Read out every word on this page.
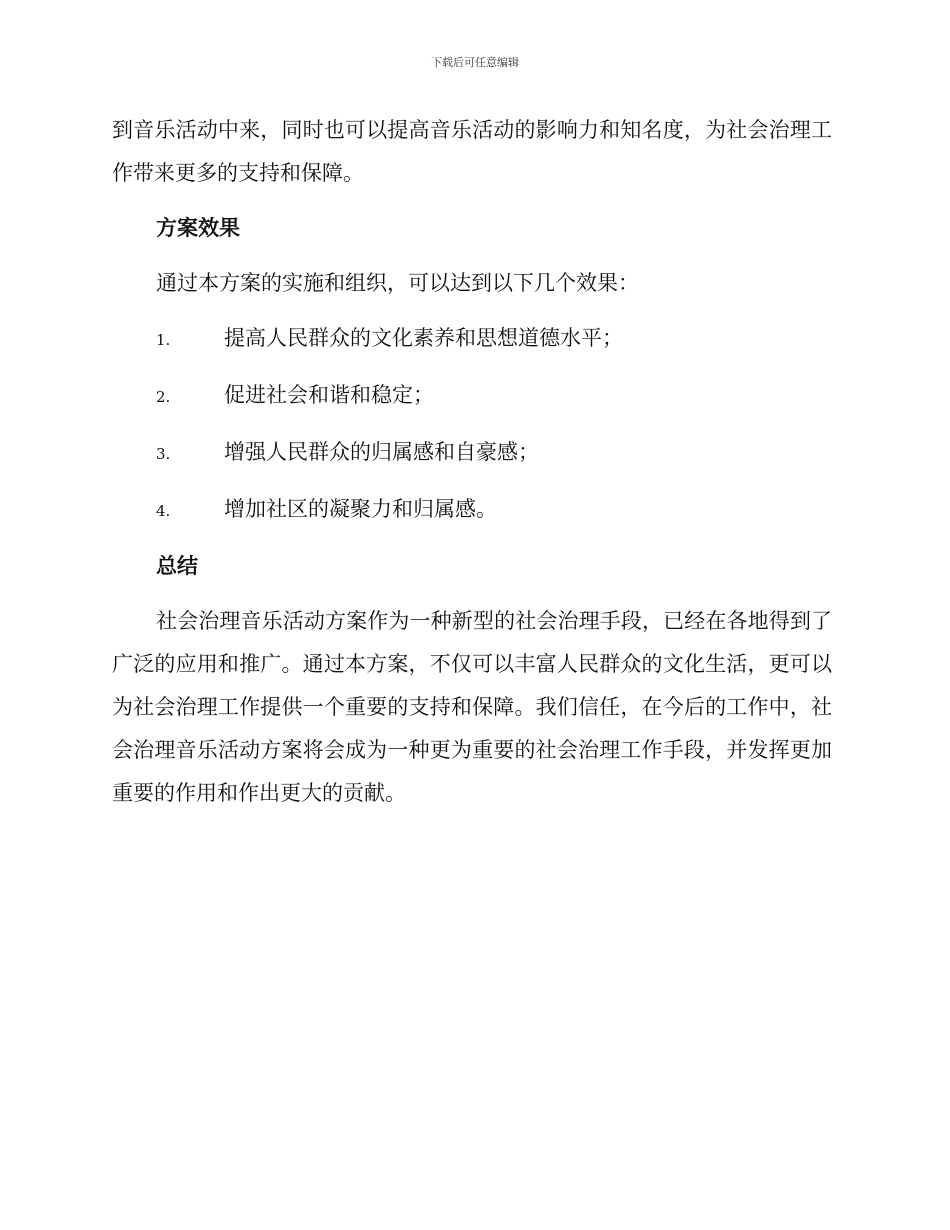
下载后可任意编辑

到音乐活动中来，同时也可以提高音乐活动的影响力和知名度，为社会治理工作带来更多的支持和保障。

方案效果
通过本方案的实施和组织，可以达到以下几个效果：
1.	提高人民群众的文化素养和思想道德水平；
2.	促进社会和谐和稳定；
3.	增强人民群众的归属感和自豪感；
4.	增加社区的凝聚力和归属感。
总结

社会治理音乐活动方案作为一种新型的社会治理手段，已经在各地得到了广泛的应用和推广。通过本方案，不仅可以丰富人民群众的文化生活，更可以为社会治理工作提供一个重要的支持和保障。我们信任，在今后的工作中，社会治理音乐活动方案将会成为一种更为重要的社会治理工作手段，并发挥更加重要的作用和作出更大的贡献。
